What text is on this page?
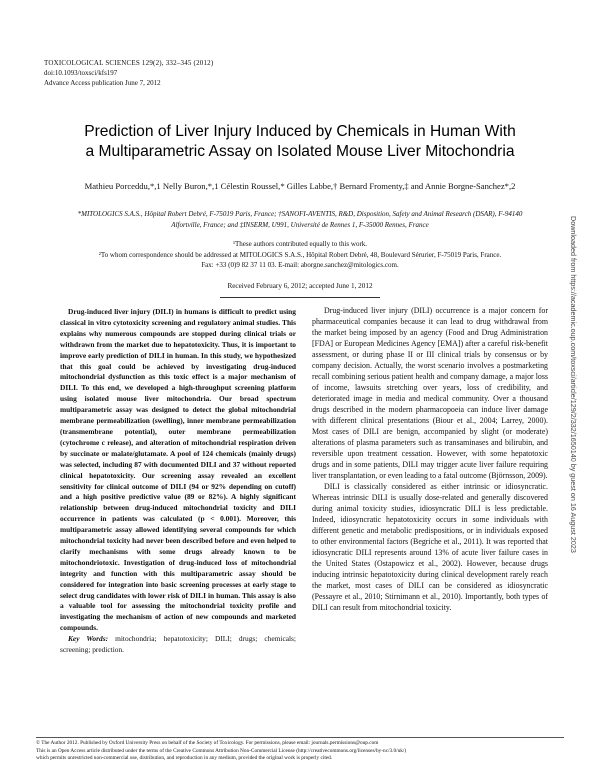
TOXICOLOGICAL SCIENCES 129(2), 332–345 (2012)
doi:10.1093/toxsci/kfs197
Advance Access publication June 7, 2012
Prediction of Liver Injury Induced by Chemicals in Human With
a Multiparametric Assay on Isolated Mouse Liver Mitochondria
Mathieu Porceddu,*,1 Nelly Buron,*,1 Célestin Roussel,* Gilles Labbe,† Bernard Fromenty,‡ and Annie Borgne-Sanchez*,2
*MITOLOGICS S.A.S., Hôpital Robert Debré, F-75019 Paris, France; †SANOFI-AVENTIS, R&D, Disposition, Safety and Animal Research (DSAR), F-94140
Alfortville, France; and ‡INSERM, U991, Université de Rennes 1, F-35000 Rennes, France
¹These authors contributed equally to this work.
²To whom correspondence should be addressed at MITOLOGICS S.A.S., Hôpital Robert Debré, 48, Boulevard Sérurier, F-75019 Paris, France.
Fax: +33 (0)9 82 37 11 03. E-mail: aborgne.sanchez@mitologics.com.
Received February 6, 2012; accepted June 1, 2012

Drug-induced liver injury (DILI) in humans is difficult to predict using classical in vitro cytotoxicity screening and regulatory animal studies. This explains why numerous compounds are stopped during clinical trials or withdrawn from the market due to hepatotoxicity. Thus, it is important to improve early prediction of DILI in human. In this study, we hypothesized that this goal could be achieved by investigating drug-induced mitochondrial dysfunction as this toxic effect is a major mechanism of DILI. To this end, we developed a high-throughput screening platform using isolated mouse liver mitochondria. Our broad spectrum multiparametric assay was designed to detect the global mitochondrial membrane permeabilization (swelling), inner membrane permeabilization (transmembrane potential), outer membrane permeabilization (cytochrome c release), and alteration of mitochondrial respiration driven by succinate or malate/glutamate. A pool of 124 chemicals (mainly drugs) was selected, including 87 with documented DILI and 37 without reported clinical hepatotoxicity. Our screening assay revealed an excellent sensitivity for clinical outcome of DILI (94 or 92% depending on cutoff) and a high positive predictive value (89 or 82%). A highly significant relationship between drug-induced mitochondrial toxicity and DILI occurrence in patients was calculated (p < 0.001). Moreover, this multiparametric assay allowed identifying several compounds for which mitochondrial toxicity had never been described before and even helped to clarify mechanisms with some drugs already known to be mitochondriotoxic. Investigation of drug-induced loss of mitochondrial integrity and function with this multiparametric assay should be considered for integration into basic screening processes at early stage to select drug candidates with lower risk of DILI in human. This assay is also a valuable tool for assessing the mitochondrial toxicity profile and investigating the mechanism of action of new compounds and marketed compounds.

Key Words: mitochondria; hepatotoxicity; DILI; drugs; chemicals; screening; prediction.

Drug-induced liver injury (DILI) occurrence is a major concern for pharmaceutical companies because it can lead to drug withdrawal from the market being imposed by an agency (Food and Drug Administration [FDA] or European Medicines Agency [EMA]) after a careful risk-benefit assessment, or during phase II or III clinical trials by consensus or by company decision. Actually, the worst scenario involves a postmarketing recall combining serious patient health and company damage, a major loss of income, lawsuits stretching over years, loss of credibility, and deteriorated image in media and medical community. Over a thousand drugs described in the modern pharmacopoeia can induce liver damage with different clinical presentations (Biour et al., 2004; Larrey, 2000). Most cases of DILI are benign, accompanied by slight (or moderate) alterations of plasma parameters such as transaminases and bilirubin, and reversible upon treatment cessation. However, with some hepatotoxic drugs and in some patients, DILI may trigger acute liver failure requiring liver transplantation, or even leading to a fatal outcome (Björnsson, 2009).

DILI is classically considered as either intrinsic or idiosyncratic. Whereas intrinsic DILI is usually dose-related and generally discovered during animal toxicity studies, idiosyncratic DILI is less predictable. Indeed, idiosyncratic hepatotoxicity occurs in some individuals with different genetic and metabolic predispositions, or in individuals exposed to other environmental factors (Begriche et al., 2011). It was reported that idiosyncratic DILI represents around 13% of acute liver failure cases in the United States (Ostapowicz et al., 2002). However, because drugs inducing intrinsic hepatotoxicity during clinical development rarely reach the market, most cases of DILI can be considered as idiosyncratic (Pessayre et al., 2010; Stirnimann et al., 2010). Importantly, both types of DILI can result from mitochondrial toxicity.

© The Author 2012. Published by Oxford University Press on behalf of the Society of Toxicology. For permissions, please email: journals.permissions@oup.com
This is an Open Access article distributed under the terms of the Creative Commons Attribution Non-Commercial License (http://creativecommons.org/licenses/by-nc/3.0/uk/)
which permits unrestricted non-commercial use, distribution, and reproduction in any medium, provided the original work is properly cited.
Downloaded from https://academic.oup.com/toxsci/article/129/2/332/1650140 by guest on 16 August 2023
